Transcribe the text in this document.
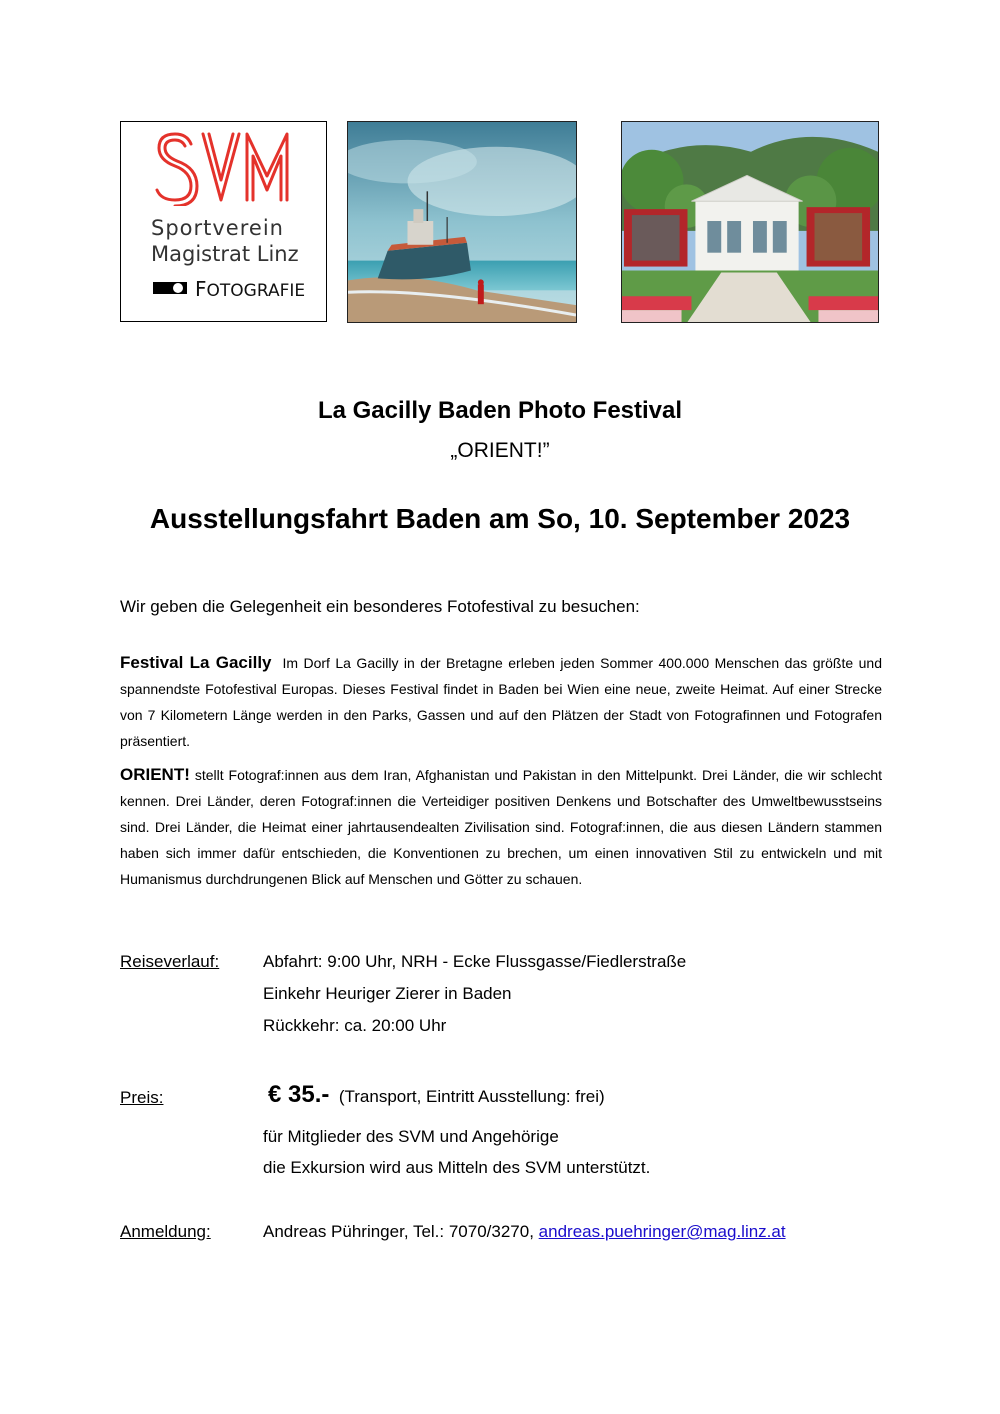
Sportverein
Magistrat Linz
FOTOGRAFIE
La Gacilly Baden Photo Festival
„ORIENT!”
Ausstellungsfahrt Baden am So, 10. September 2023
Wir geben die Gelegenheit ein besonderes Fotofestival zu besuchen:
Festival La Gacilly Im Dorf La Gacilly in der Bretagne erleben jeden Sommer 400.000 Menschen das größte und spannendste Fotofestival Europas. Dieses Festival findet in Baden bei Wien eine neue, zweite Heimat. Auf einer Strecke von 7 Kilometern Länge werden in den Parks, Gassen und auf den Plätzen der Stadt von Fotografinnen und Fotografen präsentiert.
ORIENT! stellt Fotograf:innen aus dem Iran, Afghanistan und Pakistan in den Mittelpunkt. Drei Länder, die wir schlecht kennen. Drei Länder, deren Fotograf:innen die Verteidiger positiven Denkens und Botschafter des Umweltbewusstseins sind. Drei Länder, die Heimat einer jahrtausendealten Zivilisation sind. Fotograf:innen, die aus diesen Ländern stammen haben sich immer dafür entschieden, die Konventionen zu brechen, um einen innovativen Stil zu entwickeln und mit Humanismus durchdrungenen Blick auf Menschen und Götter zu schauen.
Reiseverlauf:	Abfahrt: 9:00 Uhr, NRH - Ecke Flussgasse/Fiedlerstraße
Einkehr Heuriger Zierer in Baden
Rückkehr: ca. 20:00 Uhr
Preis:	€ 35.- (Transport, Eintritt Ausstellung: frei)
für Mitglieder des SVM und Angehörige
die Exkursion wird aus Mitteln des SVM unterstützt.
Anmeldung:	Andreas Pühringer, Tel.: 7070/3270, andreas.puehringer@mag.linz.at
